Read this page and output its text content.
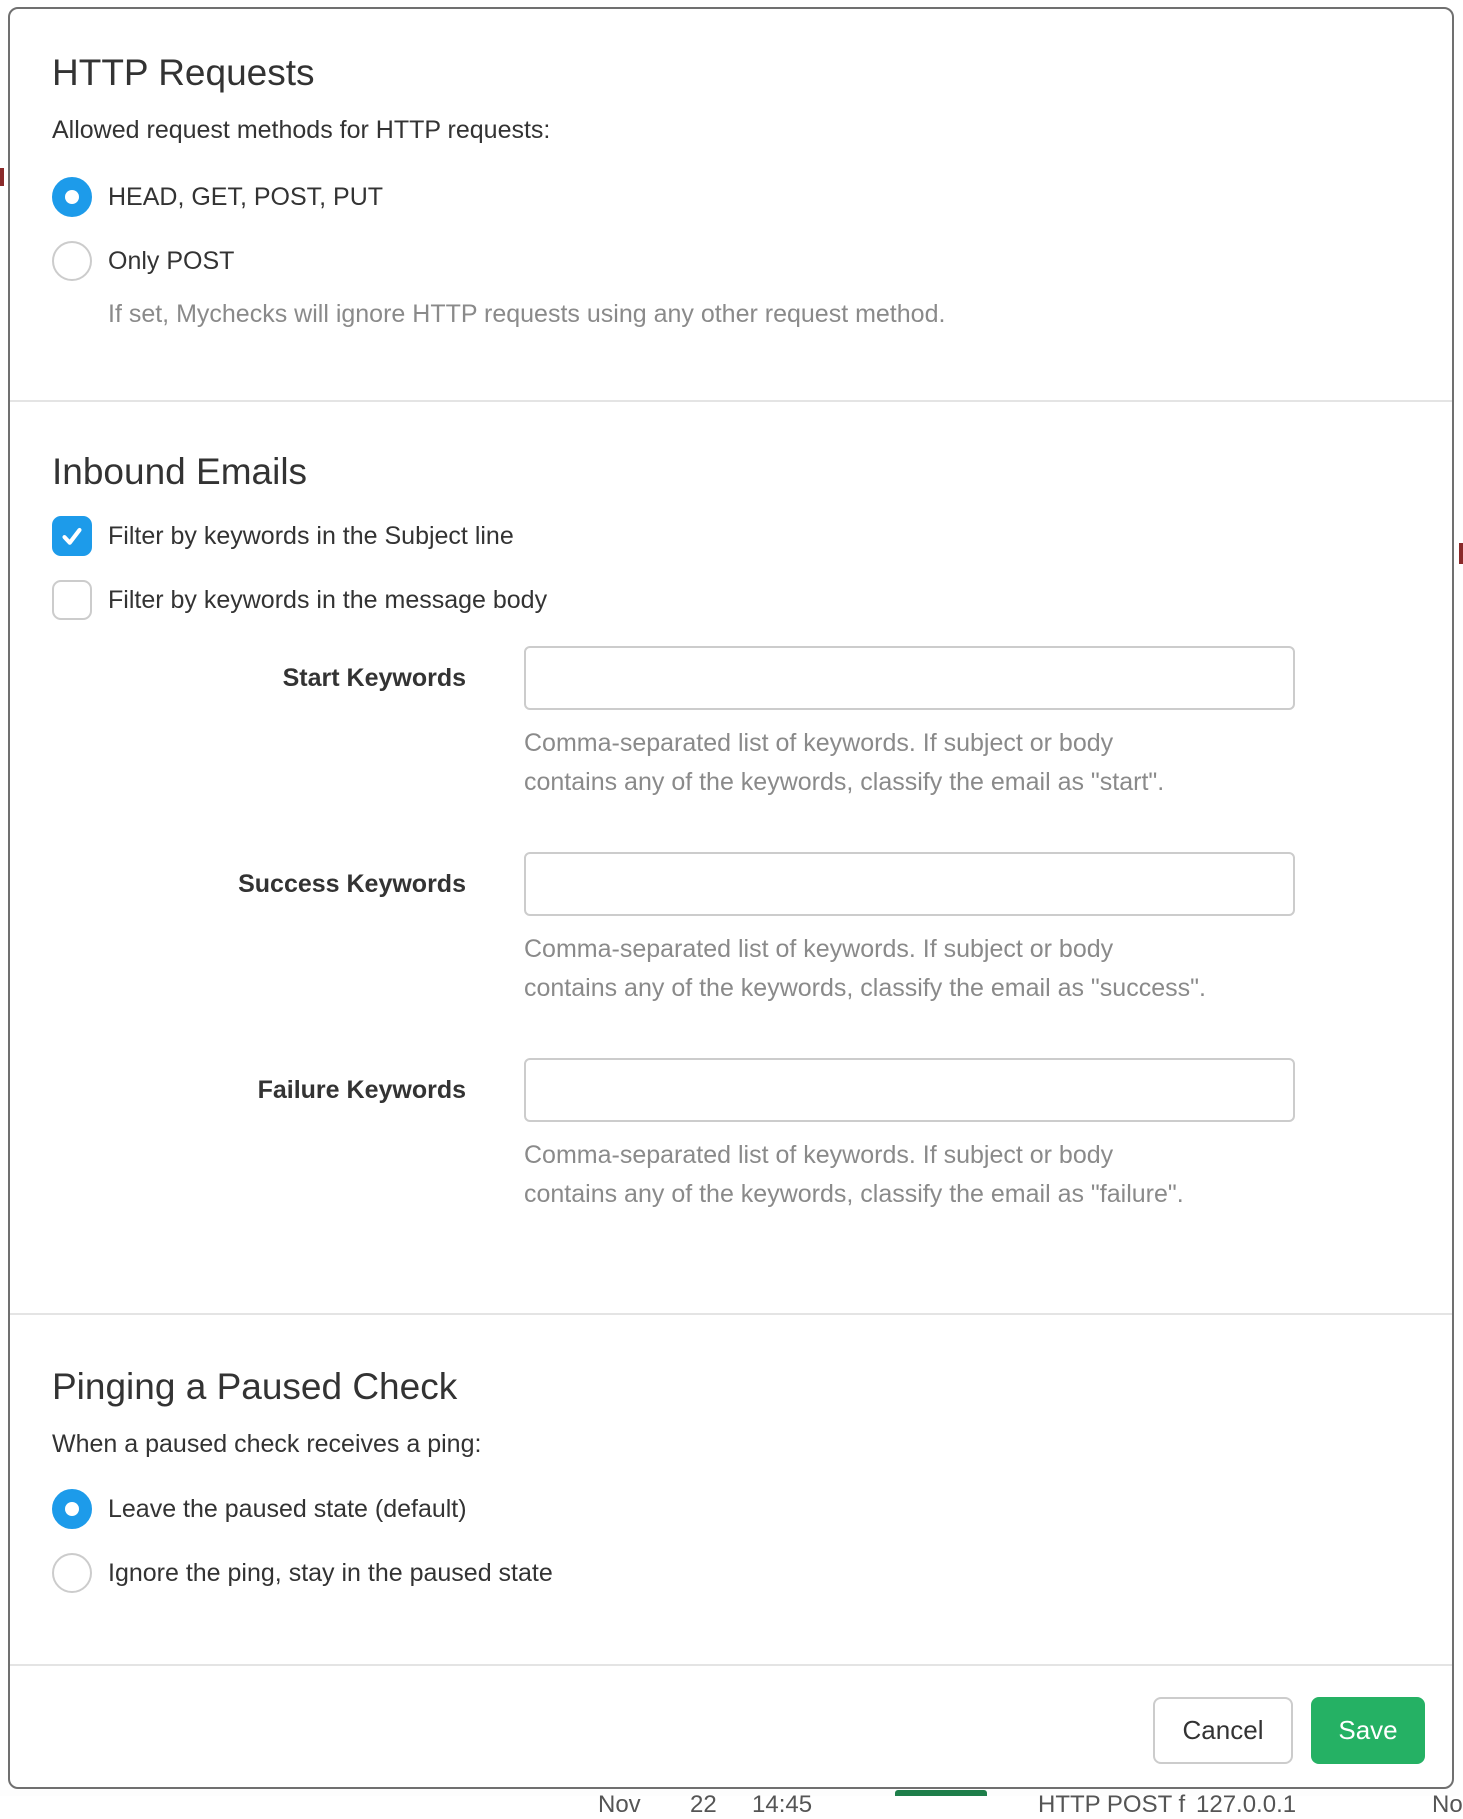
HTTP Requests
Allowed request methods for HTTP requests:
HEAD, GET, POST, PUT
Only POST
If set, Mychecks will ignore HTTP requests using any other request method.
Inbound Emails
Filter by keywords in the Subject line
Filter by keywords in the message body
Start Keywords
Comma-separated list of keywords. If subject or body
contains any of the keywords, classify the email as "start".
Success Keywords
Comma-separated list of keywords. If subject or body
contains any of the keywords, classify the email as "success".
Failure Keywords
Comma-separated list of keywords. If subject or body
contains any of the keywords, classify the email as "failure".
Pinging a Paused Check
When a paused check receives a ping:
Leave the paused state (default)
Ignore the ping, stay in the paused state
Cancel	Save
Nov 22 14:45	HTTP POST f 127.0.0.1	No
